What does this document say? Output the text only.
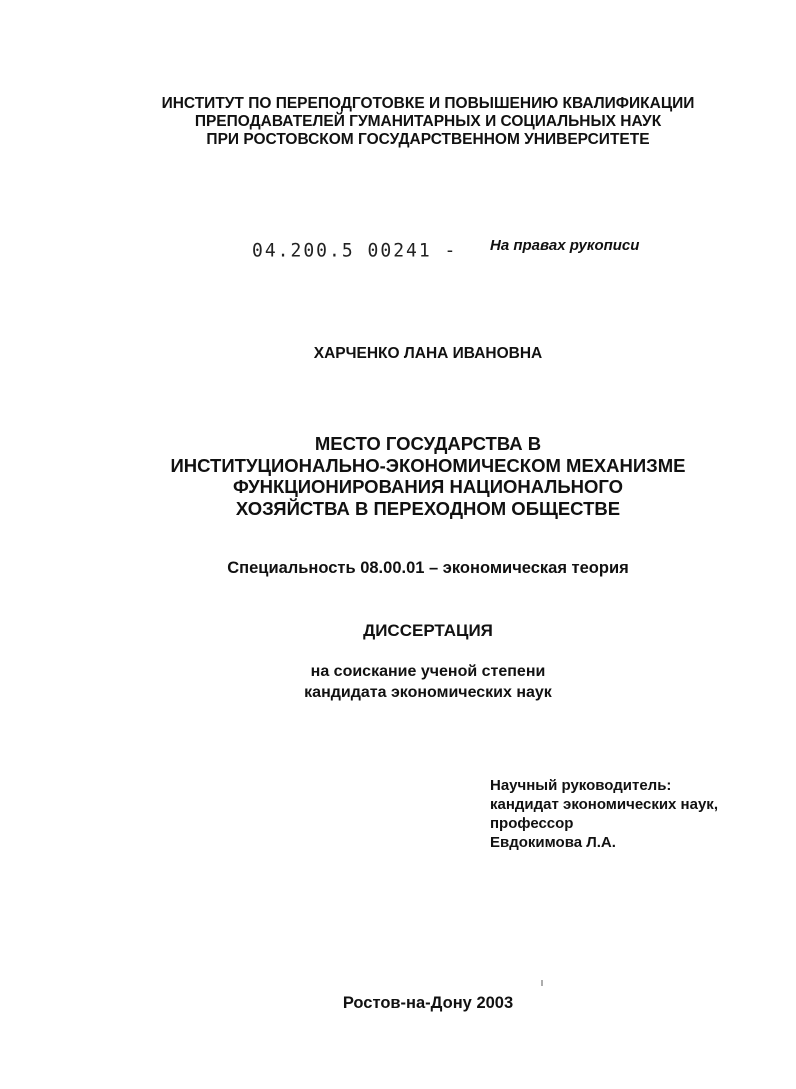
ИНСТИТУТ ПО ПЕРЕПОДГОТОВКЕ И ПОВЫШЕНИЮ КВАЛИФИКАЦИИ
ПРЕПОДАВАТЕЛЕЙ ГУМАНИТАРНЫХ И СОЦИАЛЬНЫХ НАУК
ПРИ РОСТОВСКОМ ГОСУДАРСТВЕННОМ УНИВЕРСИТЕТЕ
04.200.5 00241 - На правах рукописи
ХАРЧЕНКО ЛАНА ИВАНОВНА
МЕСТО ГОСУДАРСТВА В
ИНСТИТУЦИОНАЛЬНО-ЭКОНОМИЧЕСКОМ МЕХАНИЗМЕ
ФУНКЦИОНИРОВАНИЯ НАЦИОНАЛЬНОГО
ХОЗЯЙСТВА В ПЕРЕХОДНОМ ОБЩЕСТВЕ
Специальность 08.00.01 – экономическая теория
ДИССЕРТАЦИЯ
на соискание ученой степени
кандидата экономических наук
Научный руководитель:
кандидат экономических наук,
профессор
Евдокимова Л.А.
Ростов-на-Дону 2003
